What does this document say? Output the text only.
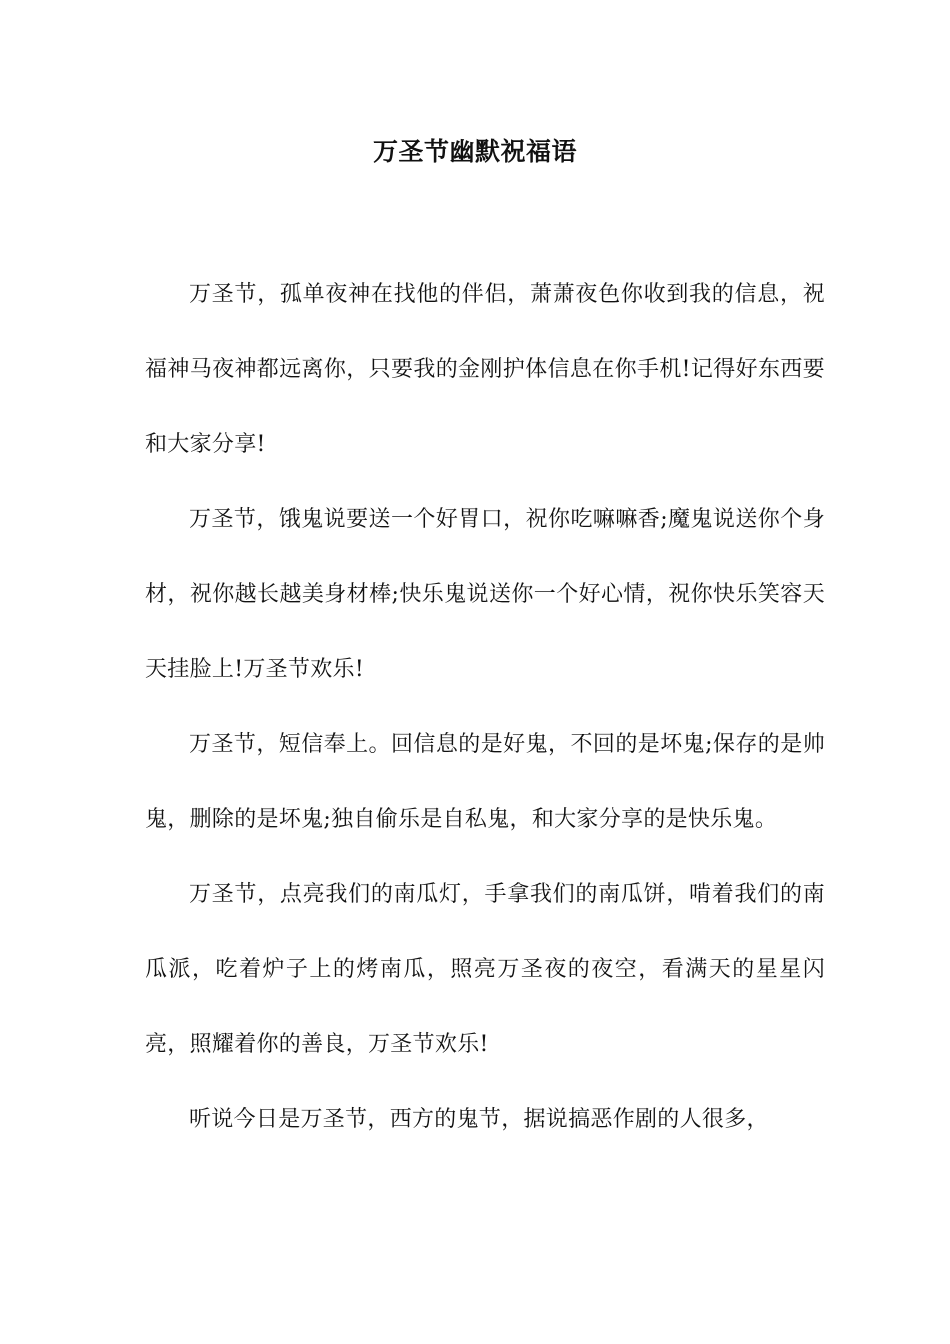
万圣节幽默祝福语

万圣节，孤单夜神在找他的伴侣，萧萧夜色你收到我的信息，祝福神马夜神都远离你，只要我的金刚护体信息在你手机!记得好东西要和大家分享!

万圣节，饿鬼说要送一个好胃口，祝你吃嘛嘛香;魔鬼说送你个身材，祝你越长越美身材棒;快乐鬼说送你一个好心情，祝你快乐笑容天天挂脸上!万圣节欢乐!

万圣节，短信奉上。回信息的是好鬼，不回的是坏鬼;保存的是帅鬼，删除的是坏鬼;独自偷乐是自私鬼，和大家分享的是快乐鬼。

万圣节，点亮我们的南瓜灯，手拿我们的南瓜饼，啃着我们的南瓜派，吃着炉子上的烤南瓜，照亮万圣夜的夜空，看满天的星星闪亮，照耀着你的善良，万圣节欢乐!

听说今日是万圣节，西方的鬼节，据说搞恶作剧的人很多，
